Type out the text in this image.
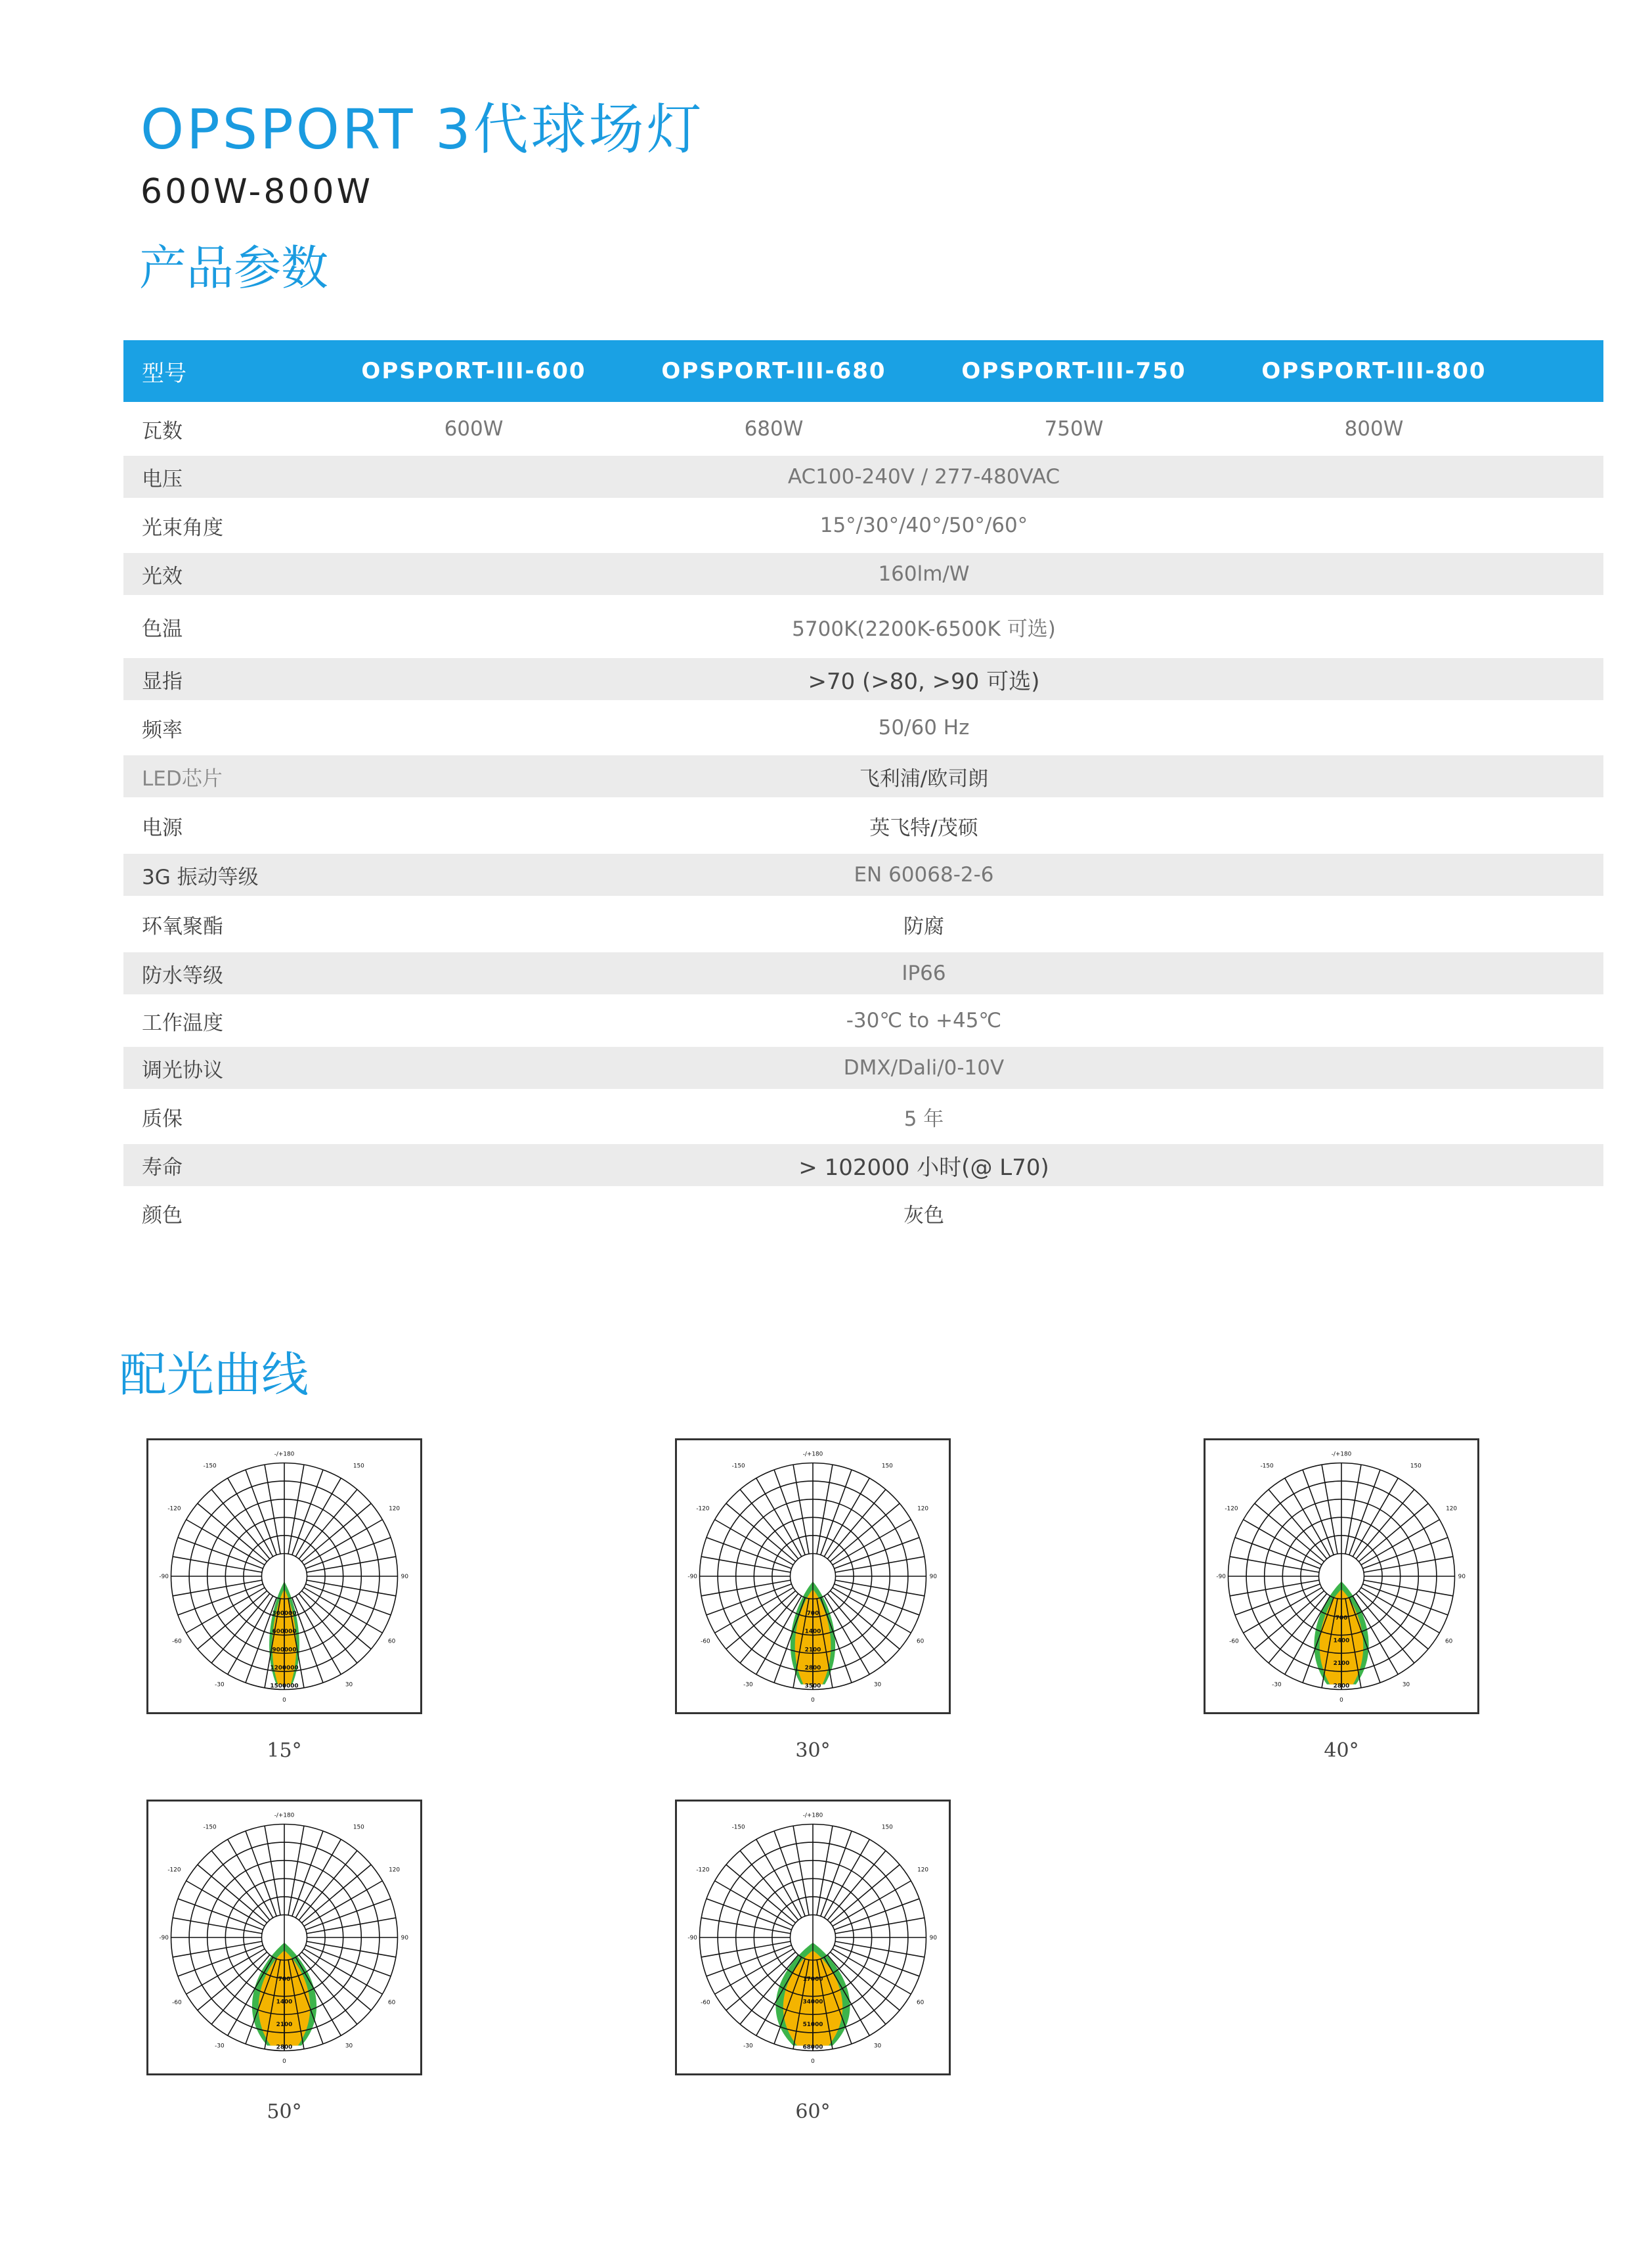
OPSPORT 3代球场灯
600W-800W
产品参数
型号	OPSPORT-III-600	OPSPORT-III-680	OPSPORT-III-750	OPSPORT-III-800
瓦数	600W	680W	750W	800W
电压	AC100-240V / 277-480VAC
光束角度	15°/30°/40°/50°/60°
光效	160lm/W
色温	5700K(2200K-6500K 可选)
显指	>70 (>80, >90 可选)
频率	50/60 Hz
LED芯片	飞利浦/欧司朗
电源	英飞特/茂硕
3G 振动等级	EN 60068-2-6
环氧聚酯	防腐
防水等级	IP66
工作温度	-30℃ to +45℃
调光协议	DMX/Dali/0-10V
质保	5 年
寿命	> 102000 小时(@ L70)
颜色	灰色
配光曲线
-150	150
-120	120
-90	90
-60	60
-30	30
0
-/+180
300000
600000
900000
1200000
1500000
15°
-150	150
-120	120
-90	90
-60	60
-30	30
0
-/+180
700
1400
2100
2800
3500
30°
-150	150
-120	120
-90	90
-60	60
-30	30
0
-/+180
700
1400
2100
2800
40°
-150	150
-120	120
-90	90
-60	60
-30	30
0
-/+180
700
1400
2100
2800
50°
-150	150
-120	120
-90	90
-60	60
-30	30
0
-/+180
17000
34000
51000
68000
60°
